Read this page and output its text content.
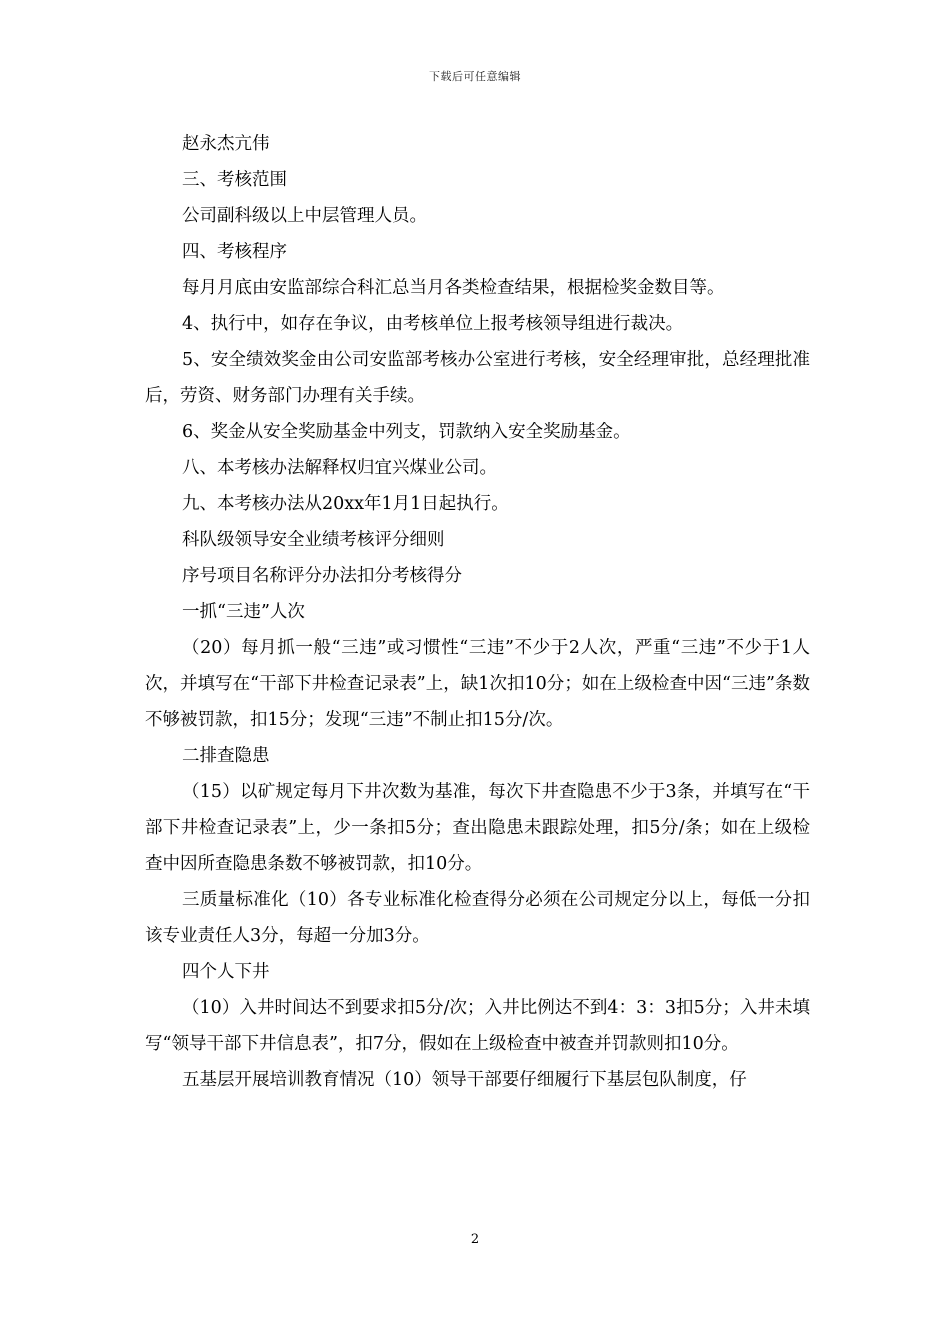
下载后可任意编辑

赵永杰亢伟

三、考核范围

公司副科级以上中层管理人员。

四、考核程序

每月月底由安监部综合科汇总当月各类检查结果，根据检奖金数目等。

4、执行中，如存在争议，由考核单位上报考核领导组进行裁决。

5、安全绩效奖金由公司安监部考核办公室进行考核，安全经理审批，总经理批准后，劳资、财务部门办理有关手续。

6、奖金从安全奖励基金中列支，罚款纳入安全奖励基金。

八、本考核办法解释权归宜兴煤业公司。

九、本考核办法从20xx年1月1日起执行。

科队级领导安全业绩考核评分细则

序号项目名称评分办法扣分考核得分

一抓“三违”人次

（20）每月抓一般“三违”或习惯性“三违”不少于2人次，严重“三违”不少于1人次，并填写在“干部下井检查记录表”上，缺1次扣10分；如在上级检查中因“三违”条数不够被罚款，扣15分；发现“三违”不制止扣15分/次。

二排查隐患

（15）以矿规定每月下井次数为基准，每次下井查隐患不少于3条，并填写在“干部下井检查记录表”上，少一条扣5分；查出隐患未跟踪处理，扣5分/条；如在上级检查中因所查隐患条数不够被罚款，扣10分。

三质量标准化（10）各专业标准化检查得分必须在公司规定分以上，每低一分扣该专业责任人3分，每超一分加3分。

四个人下井

（10）入井时间达不到要求扣5分/次；入井比例达不到4：3：3扣5分；入井未填写“领导干部下井信息表”，扣7分，假如在上级检查中被查并罚款则扣10分。

五基层开展培训教育情况（10）领导干部要仔细履行下基层包队制度，仔

2
